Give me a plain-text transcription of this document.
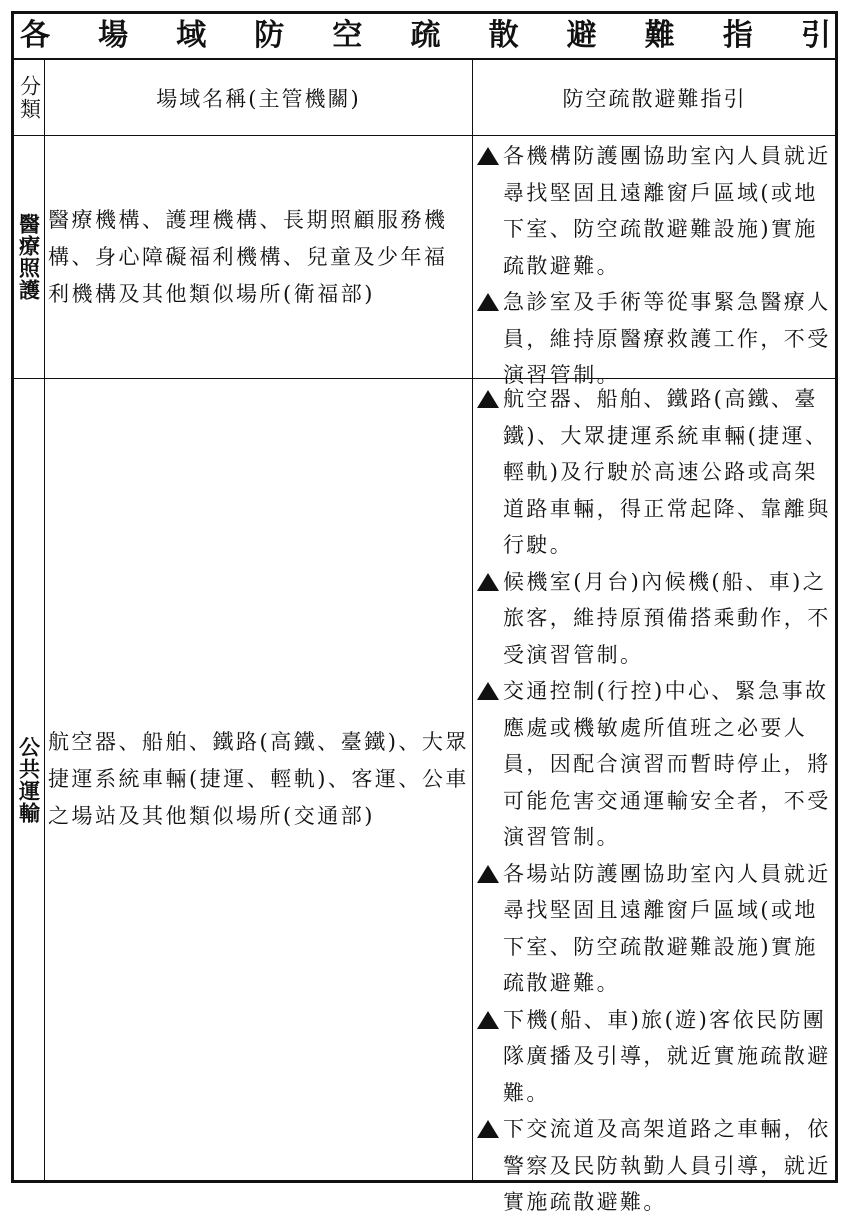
各 場 域 防 空 疏 散 避 難 指 引
分類	場域名稱(主管機關)	防空疏散避難指引
醫療照護 醫療機構、護理機構、長期照顧服務機構、身心障礙福利機構、兒童及少年福利機構及其他類似場所(衛福部)
各機構防護團協助室內人員就近尋找堅固且遠離窗戶區域(或地下室、防空疏散避難設施)實施疏散避難。
急診室及手術等從事緊急醫療人員，維持原醫療救護工作，不受演習管制。
公共運輸 航空器、船舶、鐵路(高鐵、臺鐵)、大眾捷運系統車輛(捷運、輕軌)、客運、公車之場站及其他類似場所(交通部)
航空器、船舶、鐵路(高鐵、臺鐵)、大眾捷運系統車輛(捷運、輕軌)及行駛於高速公路或高架道路車輛，得正常起降、靠離與行駛。
候機室(月台)內候機(船、車)之旅客，維持原預備搭乘動作，不受演習管制。
交通控制(行控)中心、緊急事故應處或機敏處所值班之必要人員，因配合演習而暫時停止，將可能危害交通運輸安全者，不受演習管制。
各場站防護團協助室內人員就近尋找堅固且遠離窗戶區域(或地下室、防空疏散避難設施)實施疏散避難。
下機(船、車)旅(遊)客依民防團隊廣播及引導，就近實施疏散避難。
下交流道及高架道路之車輛，依警察及民防執勤人員引導，就近實施疏散避難。
